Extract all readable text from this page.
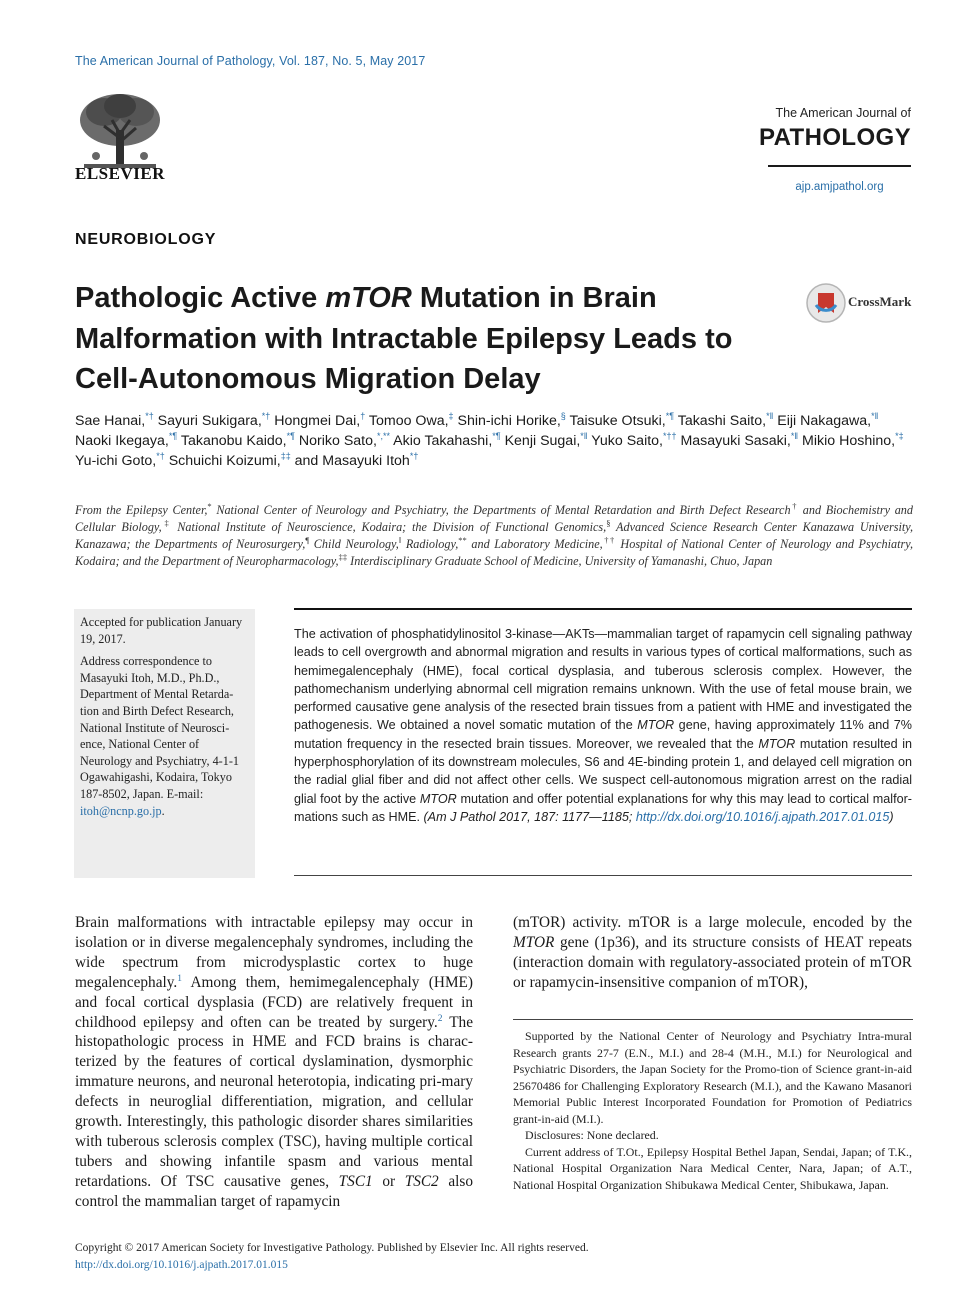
The American Journal of Pathology, Vol. 187, No. 5, May 2017
ELSEVIER
The American Journal of
PATHOLOGY
ajp.amjpathol.org
NEUROBIOLOGY
Pathologic Active mTOR Mutation in Brain Malformation with Intractable Epilepsy Leads to Cell-Autonomous Migration Delay
CrossMark
Sae Hanai,*† Sayuri Sukigara,*† Hongmei Dai,† Tomoo Owa,‡ Shin-ichi Horike,§ Taisuke Otsuki,*¶ Takashi Saito,*‖ Eiji Nakagawa,*‖ Naoki Ikegaya,*¶ Takanobu Kaido,*¶ Noriko Sato,*,** Akio Takahashi,*¶ Kenji Sugai,*‖ Yuko Saito,*†† Masayuki Sasaki,*‖ Mikio Hoshino,*‡ Yu-ichi Goto,*† Schuichi Koizumi,‡‡ and Masayuki Itoh*†
From the Epilepsy Center,* National Center of Neurology and Psychiatry, the Departments of Mental Retardation and Birth Defect Research† and Biochemistry and Cellular Biology,‡ National Institute of Neuroscience, Kodaira; the Division of Functional Genomics,§ Advanced Science Research Center Kanazawa University, Kanazawa; the Departments of Neurosurgery,¶ Child Neurology,‖ Radiology,** and Laboratory Medicine,†† Hospital of National Center of Neurology and Psychiatry, Kodaira; and the Department of Neuropharmacology,‡‡ Interdisciplinary Graduate School of Medicine, University of Yamanashi, Chuo, Japan

Accepted for publication January 19, 2017.

Address correspondence to Masayuki Itoh, M.D., Ph.D., Department of Mental Retarda-tion and Birth Defect Research, National Institute of Neurosci-ence, National Center of Neurology and Psychiatry, 4-1-1 Ogawahigashi, Kodaira, Tokyo 187-8502, Japan. E-mail: itoh@ncnp.go.jp.

The activation of phosphatidylinositol 3-kinase—AKTs—mammalian target of rapamycin cell signaling pathway leads to cell overgrowth and abnormal migration and results in various types of cortical malformations, such as hemimegalencephaly (HME), focal cortical dysplasia, and tuberous sclerosis complex. However, the pathomechanism underlying abnormal cell migration remains unknown. With the use of fetal mouse brain, we performed causative gene analysis of the resected brain tissues from a patient with HME and investigated the pathogenesis. We obtained a novel somatic mutation of the MTOR gene, having approximately 11% and 7% mutation frequency in the resected brain tissues. Moreover, we revealed that the MTOR mutation resulted in hyperphosphorylation of its downstream molecules, S6 and 4E-binding protein 1, and delayed cell migration on the radial glial fiber and did not affect other cells. We suspect cell-autonomous migration arrest on the radial glial foot by the active MTOR mutation and offer potential explanations for why this may lead to cortical malfor-mations such as HME. (Am J Pathol 2017, 187: 1177—1185; http://dx.doi.org/10.1016/j.ajpath.2017.01.015)
Brain malformations with intractable epilepsy may occur in isolation or in diverse megalencephaly syndromes, including the wide spectrum from microdysplastic cortex to huge megalencephaly.$^1$ Among them, hemimegalencephaly (HME) and focal cortical dysplasia (FCD) are relatively frequent in childhood epilepsy and often can be treated by surgery.$^2$ The histopathologic process in HME and FCD brains is charac-terized by the features of cortical dyslamination, dysmorphic immature neurons, and neuronal heterotopia, indicating pri-mary defects in neuroglial differentiation, migration, and cellular growth. Interestingly, this pathologic disorder shares similarities with tuberous sclerosis complex (TSC), having multiple cortical tubers and showing infantile spasm and various mental retardations. Of TSC causative genes, TSC1 or TSC2 also control the mammalian target of rapamycin
(mTOR) activity. mTOR is a large molecule, encoded by the MTOR gene (1p36), and its structure consists of HEAT repeats (interaction domain with regulatory-associated protein of mTOR or rapamycin-insensitive companion of mTOR),

Supported by the National Center of Neurology and Psychiatry Intra-mural Research grants 27-7 (E.N., M.I.) and 28-4 (M.H., M.I.) for Neurological and Psychiatric Disorders, the Japan Society for the Promo-tion of Science grant-in-aid 25670486 for Challenging Exploratory Research (M.I.), and the Kawano Masanori Memorial Public Interest Incorporated Foundation for Promotion of Pediatrics grant-in-aid (M.I.).

Disclosures: None declared.

Current address of T.Ot., Epilepsy Hospital Bethel Japan, Sendai, Japan; of T.K., National Hospital Organization Nara Medical Center, Nara, Japan; of A.T., National Hospital Organization Shibukawa Medical Center, Shibukawa, Japan.

Copyright © 2017 American Society for Investigative Pathology. Published by Elsevier Inc. All rights reserved.
http://dx.doi.org/10.1016/j.ajpath.2017.01.015
